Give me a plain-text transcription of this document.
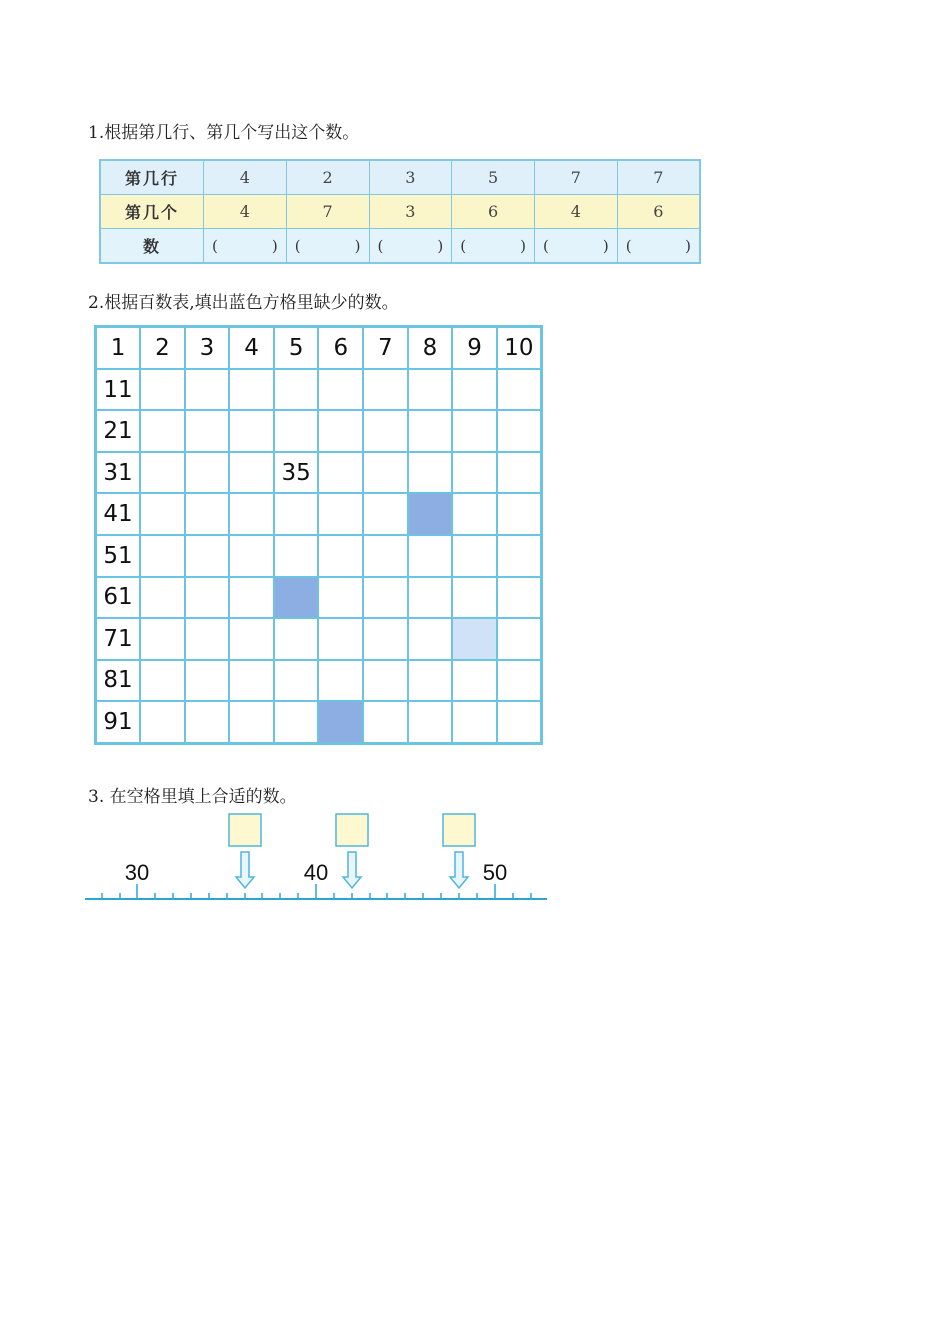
1.根据第几行、第几个写出这个数。
第几行	4	2	3	5	7	7
第几个	4	7	3	6	4	6
数	( )	( )	( )	( )	( )	( )
2.根据百数表,填出蓝色方格里缺少的数。
1	2	3	4	5	6	7	8	9	10
11									
21									
31				35					
41									
51									
61									
71									
81									
91									
3. 在空格里填上合适的数。
30	40	50
